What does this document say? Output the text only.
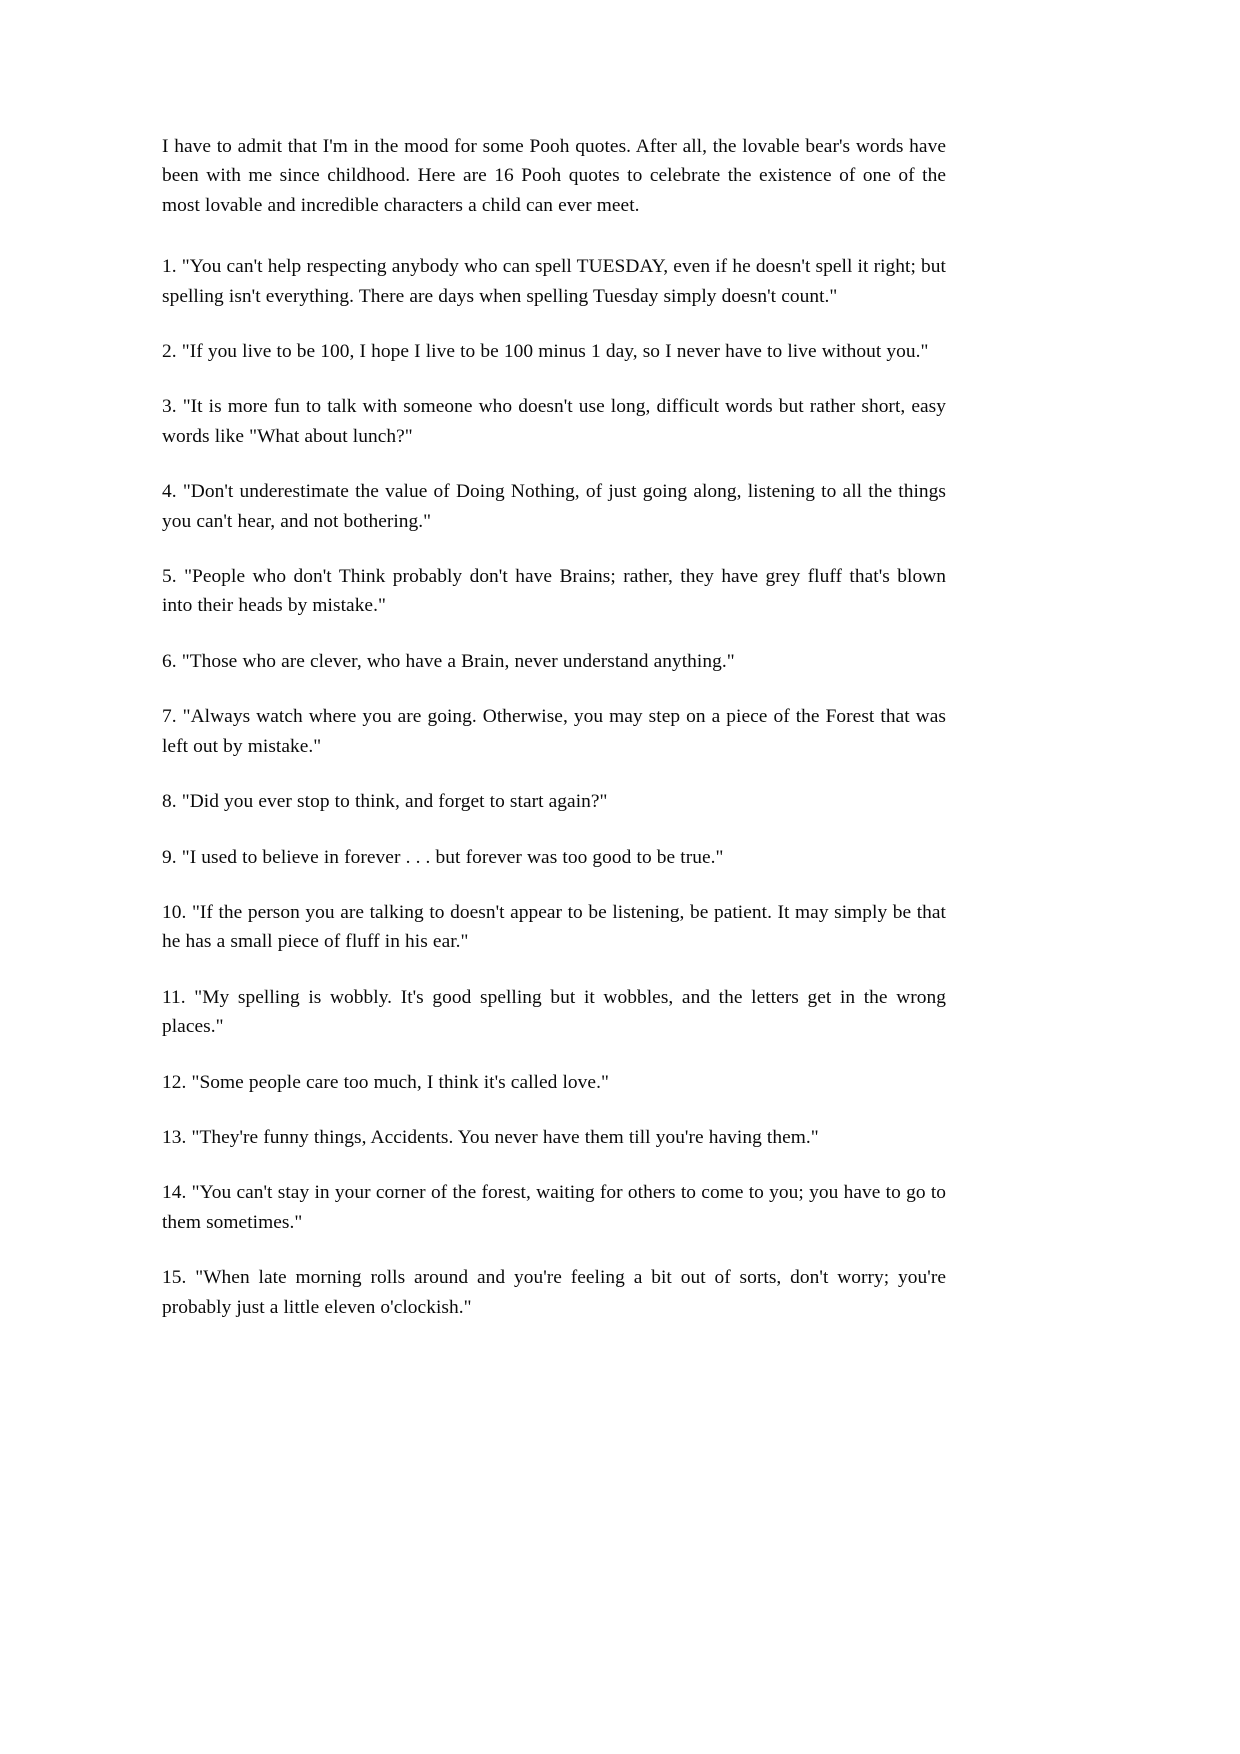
I have to admit that I'm in the mood for some Pooh quotes. After all, the lovable bear's words have been with me since childhood. Here are 16 Pooh quotes to celebrate the existence of one of the most lovable and incredible characters a child can ever meet.

1. "You can't help respecting anybody who can spell TUESDAY, even if he doesn't spell it right; but spelling isn't everything. There are days when spelling Tuesday simply doesn't count."

2. "If you live to be 100, I hope I live to be 100 minus 1 day, so I never have to live without you."

3. "It is more fun to talk with someone who doesn't use long, difficult words but rather short, easy words like "What about lunch?"

4. "Don't underestimate the value of Doing Nothing, of just going along, listening to all the things you can't hear, and not bothering."

5. "People who don't Think probably don't have Brains; rather, they have grey fluff that's blown into their heads by mistake."

6. "Those who are clever, who have a Brain, never understand anything."

7. "Always watch where you are going. Otherwise, you may step on a piece of the Forest that was left out by mistake."

8. "Did you ever stop to think, and forget to start again?"

9. "I used to believe in forever . . . but forever was too good to be true."

10. "If the person you are talking to doesn't appear to be listening, be patient. It may simply be that he has a small piece of fluff in his ear."

11. "My spelling is wobbly. It's good spelling but it wobbles, and the letters get in the wrong places."

12. "Some people care too much, I think it's called love."

13. "They're funny things, Accidents. You never have them till you're having them."

14. "You can't stay in your corner of the forest, waiting for others to come to you; you have to go to them sometimes."

15. "When late morning rolls around and you're feeling a bit out of sorts, don't worry; you're probably just a little eleven o'clockish."
